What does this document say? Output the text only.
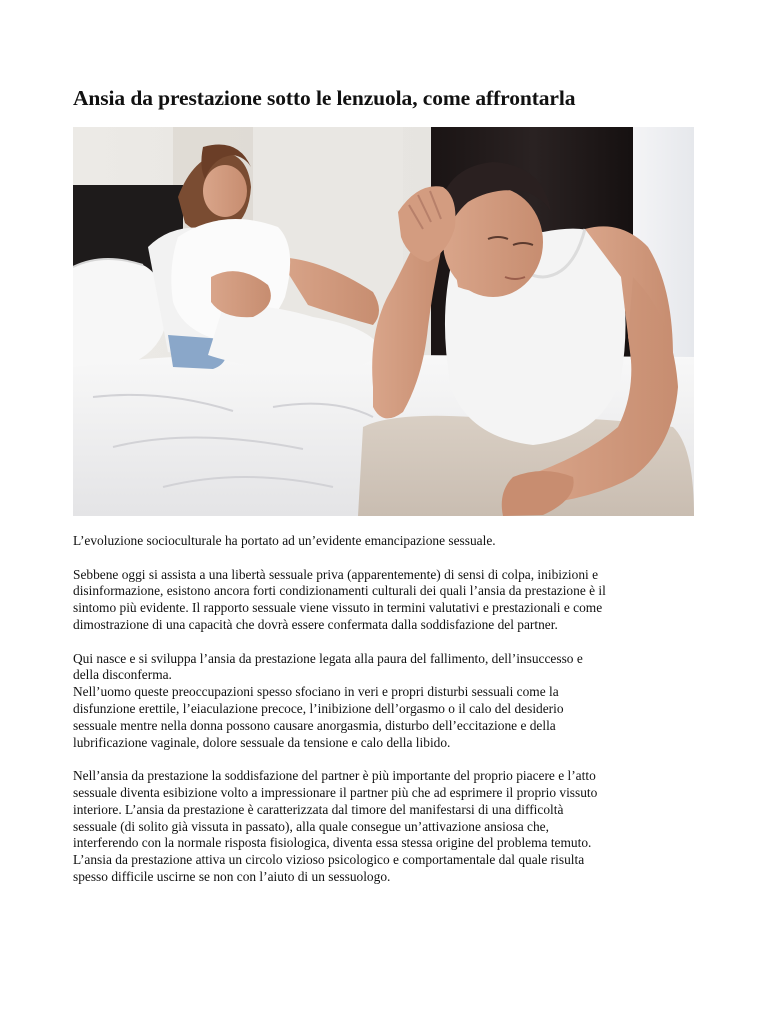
Ansia da prestazione sotto le lenzuola, come affrontarla

L’evoluzione socioculturale ha portato ad un’evidente emancipazione sessuale.

Sebbene oggi si assista a una libertà sessuale priva (apparentemente) di sensi di colpa, inibizioni e
disinformazione, esistono ancora forti condizionamenti culturali dei quali l’ansia da prestazione è il
sintomo più evidente. Il rapporto sessuale viene vissuto in termini valutativi e prestazionali e come
dimostrazione di una capacità che dovrà essere confermata dalla soddisfazione del partner.

Qui nasce e si sviluppa l’ansia da prestazione legata alla paura del fallimento, dell’insuccesso e
della disconferma.
Nell’uomo queste preoccupazioni spesso sfociano in veri e propri disturbi sessuali come la
disfunzione erettile, l’eiaculazione precoce, l’inibizione dell’orgasmo o il calo del desiderio
sessuale mentre nella donna possono causare anorgasmia, disturbo dell’eccitazione e della
lubrificazione vaginale, dolore sessuale da tensione e calo della libido.

Nell’ansia da prestazione la soddisfazione del partner è più importante del proprio piacere e l’atto
sessuale diventa esibizione volto a impressionare il partner più che ad esprimere il proprio vissuto
interiore. L’ansia da prestazione è caratterizzata dal timore del manifestarsi di una difficoltà
sessuale (di solito già vissuta in passato), alla quale consegue un’attivazione ansiosa che,
interferendo con la normale risposta fisiologica, diventa essa stessa origine del problema temuto.
L’ansia da prestazione attiva un circolo vizioso psicologico e comportamentale dal quale risulta
spesso difficile uscirne se non con l’aiuto di un sessuologo.
